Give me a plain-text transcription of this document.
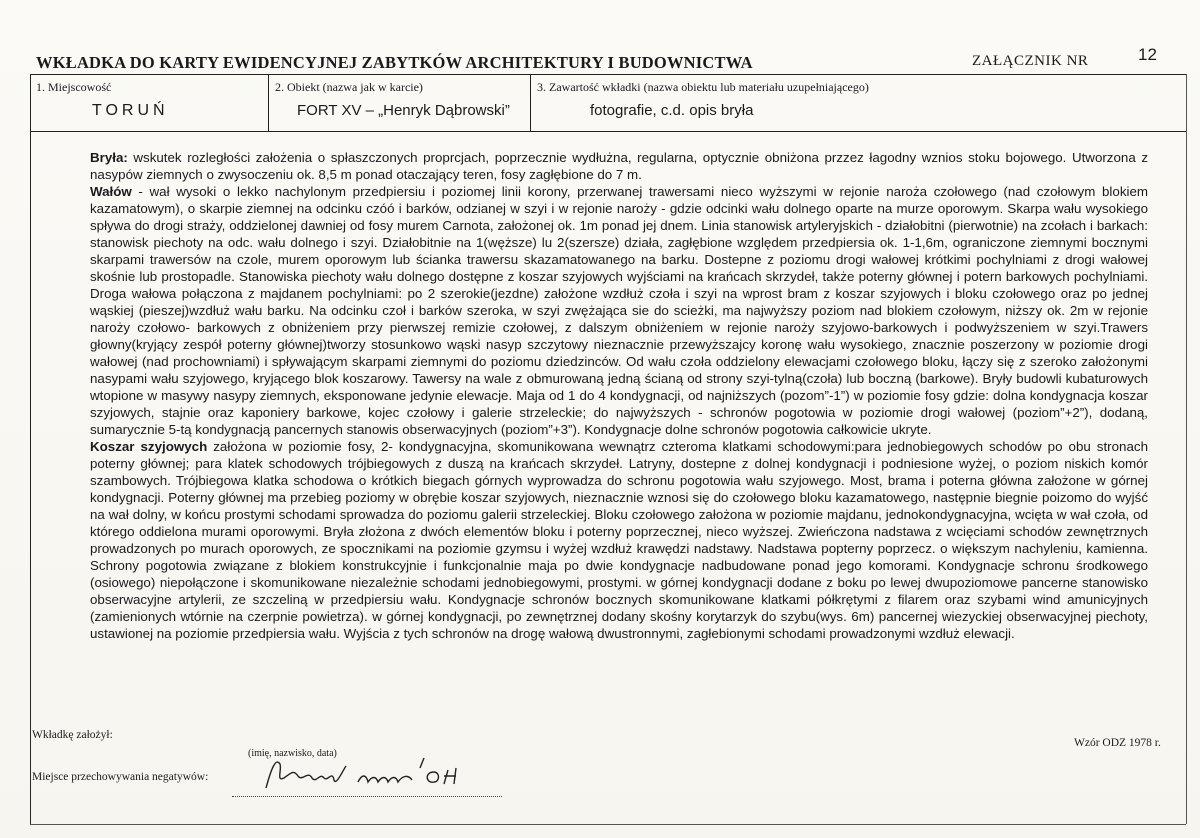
WKŁADKA DO KARTY EWIDENCYJNEJ ZABYTKÓW ARCHITEKTURY I BUDOWNICTWA	ZAŁĄCZNIK NR	12
1. Miejscowość
TORUŃ
2. Obiekt (nazwa jak w karcie)
FORT XV – „Henryk Dąbrowski”
3. Zawartość wkładki (nazwa obiektu lub materiału uzupełniającego)
fotografie, c.d. opis bryła

Bryła: wskutek rozległości założenia o spłaszczonych proprcjach, poprzecznie wydłużna, regularna, optycznie obniżona przzez łagodny wznios stoku bojowego. Utworzona z nasypów ziemnych o zwysoczeniu ok. 8,5 m ponad otaczający teren, fosy zagłębione do 7 m.

Wałów - wał wysoki o lekko nachylonym przedpiersiu i poziomej linii korony, przerwanej trawersami nieco wyższymi w rejonie naroża czołowego (nad czołowym blokiem kazamatowym), o skarpie ziemnej na odcinku czóó i barków, odzianej w szyi i w rejonie naroży - gdzie odcinki wału dolnego oparte na murze oporowym. Skarpa wału wysokiego spływa do drogi straży, oddzielonej dawniej od fosy murem Carnota, założonej ok. 1m ponad jej dnem. Linia stanowisk artyleryjskich - działobitni (pierwotnie) na zcołach i barkach: stanowisk piechoty na odc. wału dolnego i szyi. Działobitnie na 1(węższe) lu 2(szersze) działa, zagłębione względem przedpiersia ok. 1-1,6m, ograniczone ziemnymi bocznymi skarpami trawersów na czole, murem oporowym lub ścianka trawersu skazamatowanego na barku. Dostepne z poziomu drogi wałowej krótkimi pochylniami z drogi wałowej skośnie lub prostopadle. Stanowiska piechoty wału dolnego dostępne z koszar szyjowych wyjściami na krańcach skrzydeł, także poterny głównej i potern barkowych pochylniami. Droga wałowa połączona z majdanem pochylniami: po 2 szerokie(jezdne) założone wzdłuż czoła i szyi na wprost bram z koszar szyjowych i bloku czołowego oraz po jednej wąskiej (pieszej)wzdłuż wału barku. Na odcinku czoł i barków szeroka, w szyi zwężająca sie do scieżki, ma najwyższy poziom nad blokiem czołowym, niższy ok. 2m w rejonie naroży czołowo- barkowych z obniżeniem przy pierwszej remizie czołowej, z dalszym obniżeniem w rejonie naroży szyjowo-barkowych i podwyższeniem w szyi.Trawers głowny(kryjący zespół poterny głównej)tworzy stosunkowo wąski nasyp szczytowy nieznacznie przewyższajcy koronę wału wysokiego, znacznie poszerzony w poziomie drogi wałowej (nad prochowniami) i spływającym skarpami ziemnymi do poziomu dziedzinców. Od wału czoła oddzielony elewacjami czołowego bloku, łączy się z szeroko założonymi nasypami wału szyjowego, kryjącego blok koszarowy. Tawersy na wale z obmurowaną jedną ścianą od strony szyi-tylną(czoła) lub boczną (barkowe). Bryły budowli kubaturowych wtopione w masywy nasypy ziemnych, eksponowane jedynie elewacje. Maja od 1 do 4 kondygnacji, od najniższych (pozom”-1”) w poziomie fosy gdzie: dolna kondygnacja koszar szyjowych, stajnie oraz kaponiery barkowe, kojec czołowy i galerie strzeleckie; do najwyższych - schronów pogotowia w poziomie drogi wałowej (poziom”+2”), dodaną, sumarycznie 5-tą kondygnacją pancernych stanowis obserwacyjnych (poziom”+3”). Kondygnacje dolne schronów pogotowia całkowicie ukryte.

Koszar szyjowych założona w poziomie fosy, 2- kondygnacyjna, skomunikowana wewnątrz czteroma klatkami schodowymi:para jednobiegowych schodów po obu stronach poterny głównej; para klatek schodowych trójbiegowych z duszą na krańcach skrzydeł. Latryny, dostepne z dolnej kondygnacji i podniesione wyżej, o poziom niskich komór szambowych. Trójbiegowa klatka schodowa o krótkich biegach górnych wyprowadza do schronu pogotowia wału szyjowego. Most, brama i poterna główna założone w górnej kondygnacji. Poterny głównej ma przebieg poziomy w obrębie koszar szyjowych, nieznacznie wznosi się do czołowego bloku kazamatowego, następnie biegnie poizomo do wyjść na wał dolny, w końcu prostymi schodami sprowadza do poziomu galerii strzeleckiej. Bloku czołowego założona w poziomie majdanu, jednokondygnacyjna, wcięta w wał czoła, od którego oddielona murami oporowymi. Bryła złożona z dwóch elementów bloku i poterny poprzecznej, nieco wyższej. Zwieńczona nadstawa z wcięciami schodów zewnętrznych prowadzonych po murach oporowych, ze spocznikami na poziomie gzymsu i wyżej wzdłuż krawędzi nadstawy. Nadstawa popterny poprzecz. o większym nachyleniu, kamienna. Schrony pogotowia związane z blokiem konstrukcyjnie i funkcjonalnie maja po dwie kondygnacje nadbudowane ponad jego komorami. Kondygnacje schronu środkowego (osiowego) niepołączone i skomunikowane niezależnie schodami jednobiegowymi, prostymi. w górnej kondygnacji dodane z boku po lewej dwupoziomowe pancerne stanowisko obserwacyjne artylerii, ze szczeliną w przedpiersiu wału. Kondygnacje schronów bocznych skomunikowane klatkami półkrętymi z filarem oraz szybami wind amunicyjnych (zamienionych wtórnie na czerpnie powietrza). w górnej kondygnacji, po zewnętrznej dodany skośny korytarzyk do szybu(wys. 6m) pancernej wiezyckiej obserwacyjnej piechoty, ustawionej na poziomie przedpiersia wału. Wyjścia z tych schronów na drogę wałową dwustronnymi, zagłebionymi schodami prowadzonymi wzdłuż elewacji.

Wkładkę założył:
(imię, nazwisko, data)
Wzór ODZ 1978 r.
Miejsce przechowywania negatywów:
